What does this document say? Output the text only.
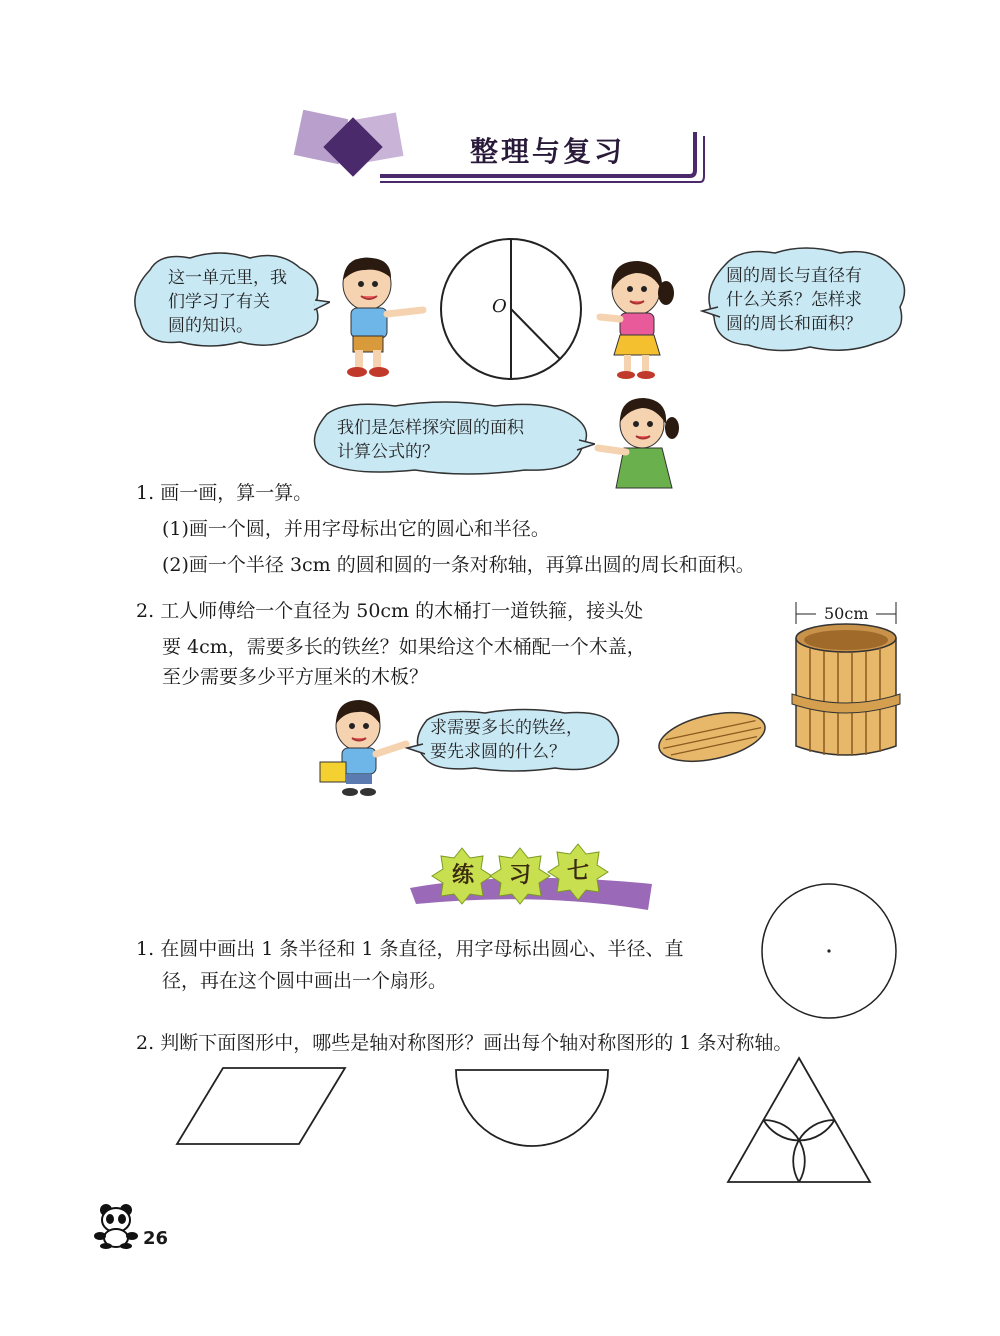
整理与复习
这一单元里，我
们学习了有关
圆的知识。
O
圆的周长与直径有
什么关系？怎样求
圆的周长和面积？
我们是怎样探究圆的面积
计算公式的？
1. 画一画，算一算。
(1)画一个圆，并用字母标出它的圆心和半径。
(2)画一个半径 3cm 的圆和圆的一条对称轴，再算出圆的周长和面积。
2. 工人师傅给一个直径为 50cm 的木桶打一道铁箍，接头处
要 4cm，需要多长的铁丝？如果给这个木桶配一个木盖，
至少需要多少平方厘米的木板？
50cm
求需要多长的铁丝，
要先求圆的什么？
练 习 七
1. 在圆中画出 1 条半径和 1 条直径，用字母标出圆心、半径、直
径，再在这个圆中画出一个扇形。
2. 判断下面图形中，哪些是轴对称图形？画出每个轴对称图形的 1 条对称轴。
26
